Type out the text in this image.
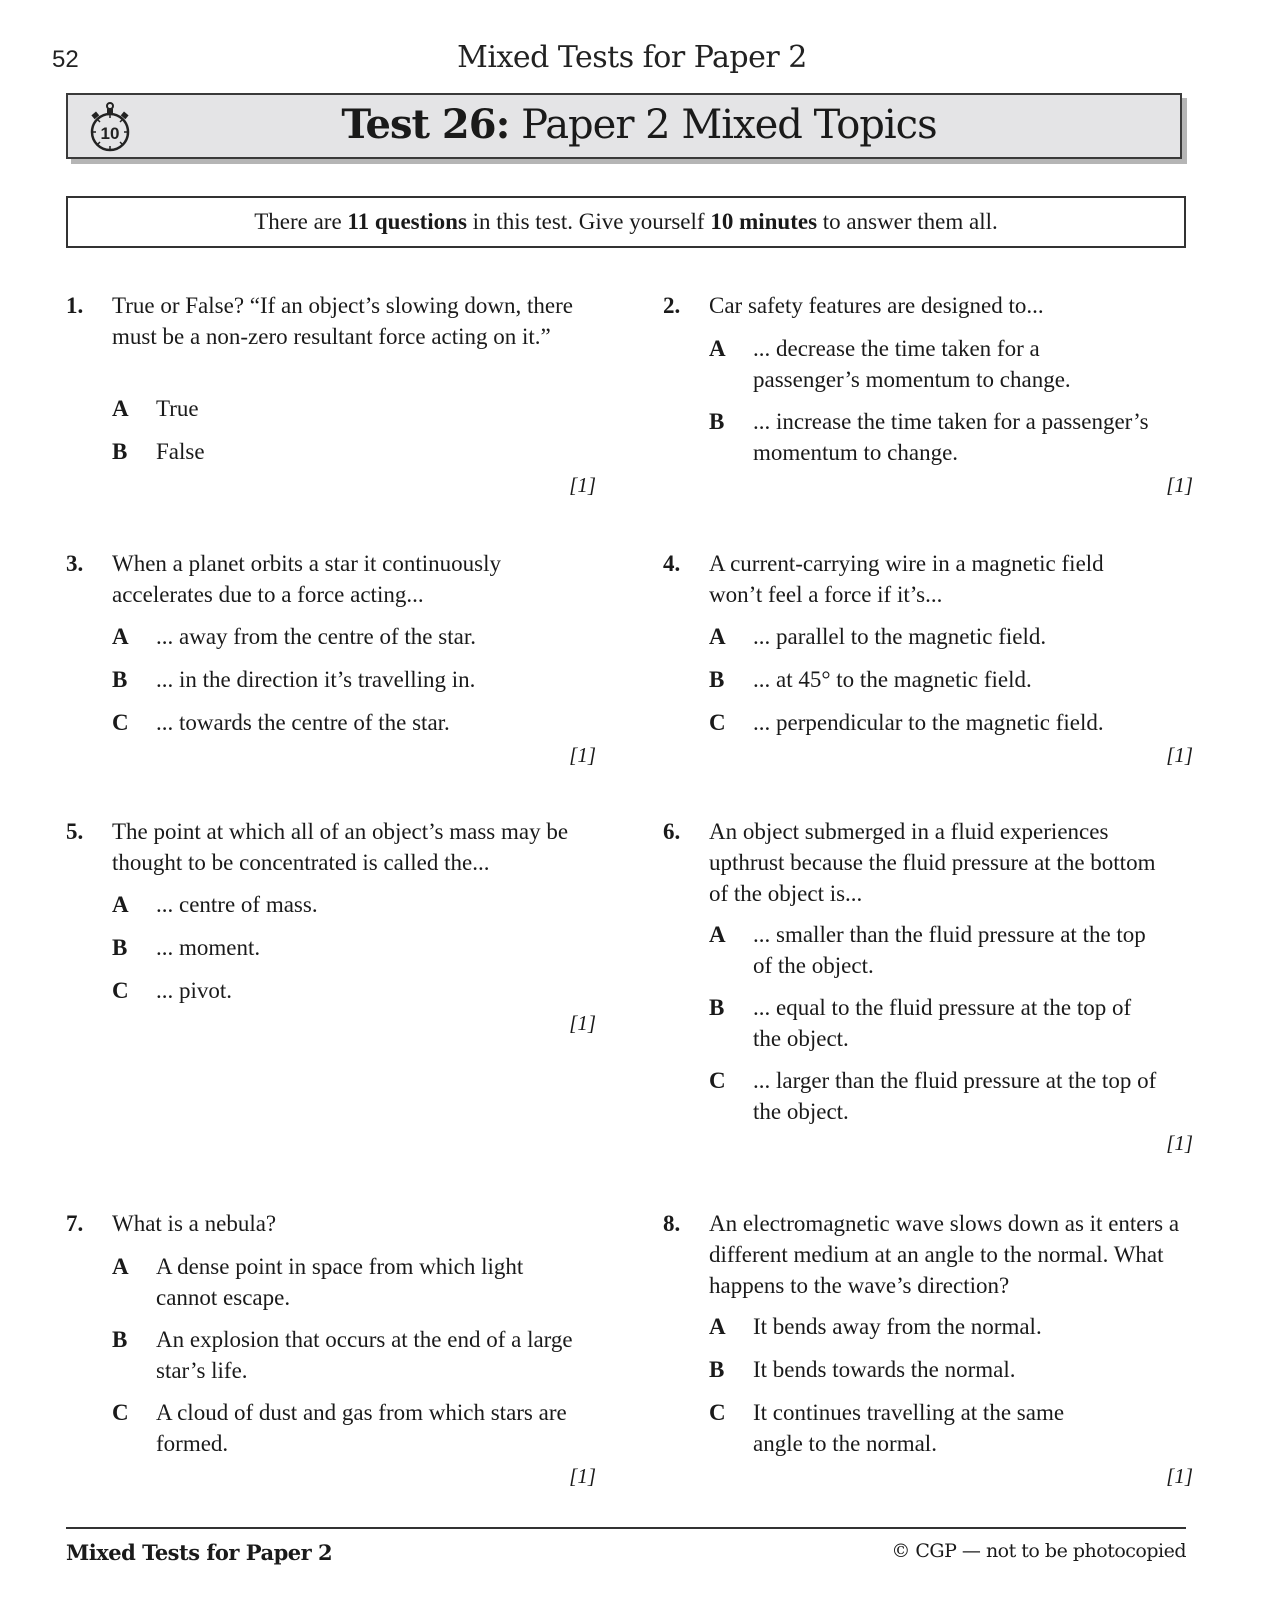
52	Mixed Tests for Paper 2
10	Test 26: Paper 2 Mixed Topics
There are 11 questions in this test. Give yourself 10 minutes to answer them all.
1. True or False? “If an object’s slowing down, there must be a non-zero resultant force acting on it.”
A True
B False
[1]
2. Car safety features are designed to...
A ... decrease the time taken for a passenger’s momentum to change.
B ... increase the time taken for a passenger’s momentum to change.
[1]
3. When a planet orbits a star it continuously accelerates due to a force acting...
A ... away from the centre of the star.
B ... in the direction it’s travelling in.
C ... towards the centre of the star.
[1]
4. A current-carrying wire in a magnetic field won’t feel a force if it’s...
A ... parallel to the magnetic field.
B ... at 45° to the magnetic field.
C ... perpendicular to the magnetic field.
[1]
5. The point at which all of an object’s mass may be thought to be concentrated is called the...
A ... centre of mass.
B ... moment.
C ... pivot.
[1]
6. An object submerged in a fluid experiences upthrust because the fluid pressure at the bottom of the object is...
A ... smaller than the fluid pressure at the top of the object.
B ... equal to the fluid pressure at the top of the object.
C ... larger than the fluid pressure at the top of the object.
[1]
7. What is a nebula?
A A dense point in space from which light cannot escape.
B An explosion that occurs at the end of a large star’s life.
C A cloud of dust and gas from which stars are formed.
[1]
8. An electromagnetic wave slows down as it enters a different medium at an angle to the normal. What happens to the wave’s direction?
A It bends away from the normal.
B It bends towards the normal.
C It continues travelling at the same angle to the normal.
[1]
Mixed Tests for Paper 2	© CGP — not to be photocopied
